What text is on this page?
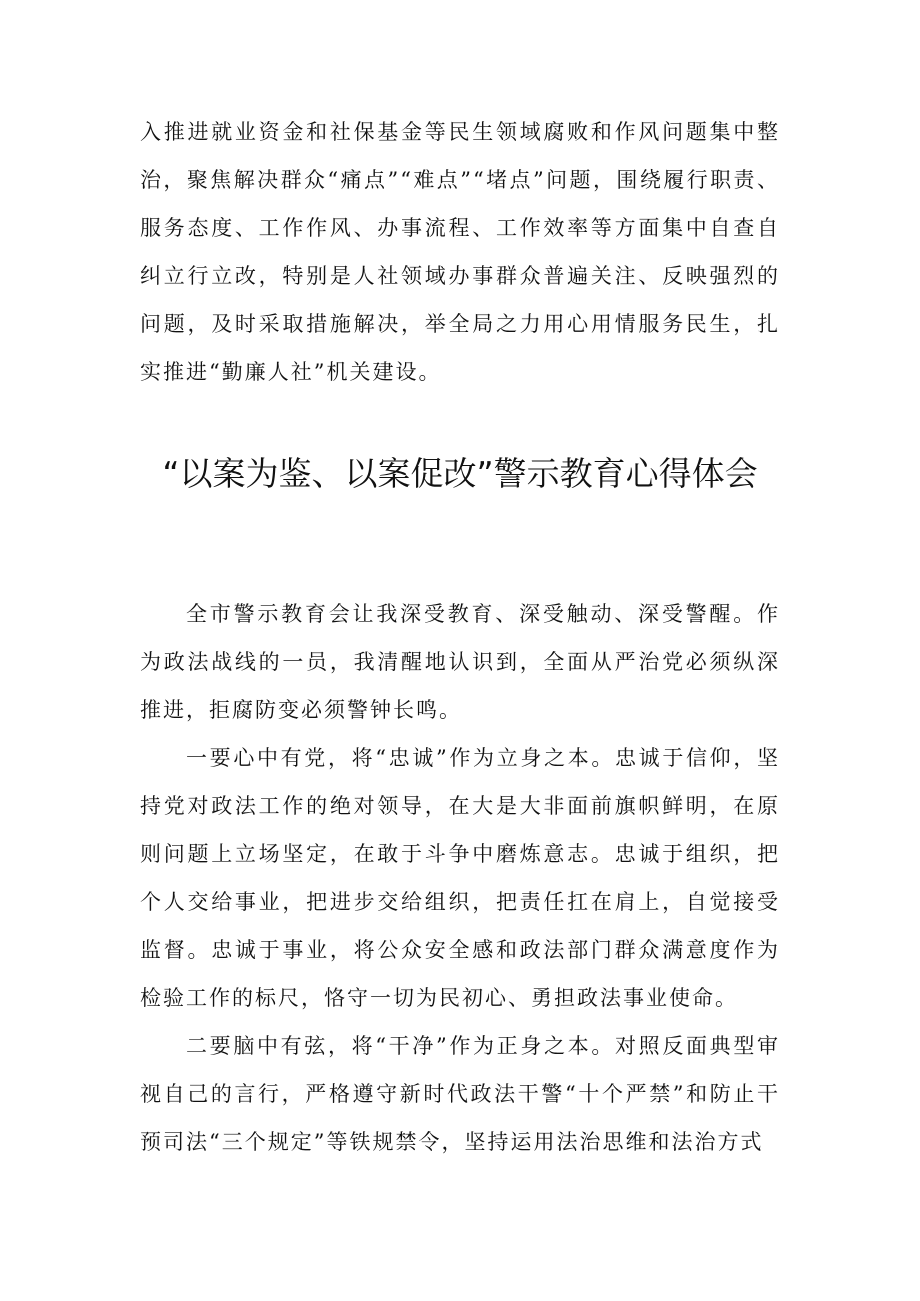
入推进就业资金和社保基金等民生领域腐败和作风问题集中整治，聚焦解决群众“痛点”“难点”“堵点”问题，围绕履行职责、服务态度、工作作风、办事流程、工作效率等方面集中自查自纠立行立改，特别是人社领域办事群众普遍关注、反映强烈的问题，及时采取措施解决，举全局之力用心用情服务民生，扎实推进“勤廉人社”机关建设。

“以案为鉴、以案促改”警示教育心得体会

全市警示教育会让我深受教育、深受触动、深受警醒。作为政法战线的一员，我清醒地认识到，全面从严治党必须纵深推进，拒腐防变必须警钟长鸣。

一要心中有党，将“忠诚”作为立身之本。忠诚于信仰，坚持党对政法工作的绝对领导，在大是大非面前旗帜鲜明，在原则问题上立场坚定，在敢于斗争中磨炼意志。忠诚于组织，把个人交给事业，把进步交给组织，把责任扛在肩上，自觉接受监督。忠诚于事业，将公众安全感和政法部门群众满意度作为检验工作的标尺，恪守一切为民初心、勇担政法事业使命。

二要脑中有弦，将“干净”作为正身之本。对照反面典型审视自己的言行，严格遵守新时代政法干警“十个严禁”和防止干预司法“三个规定”等铁规禁令，坚持运用法治思维和法治方式
